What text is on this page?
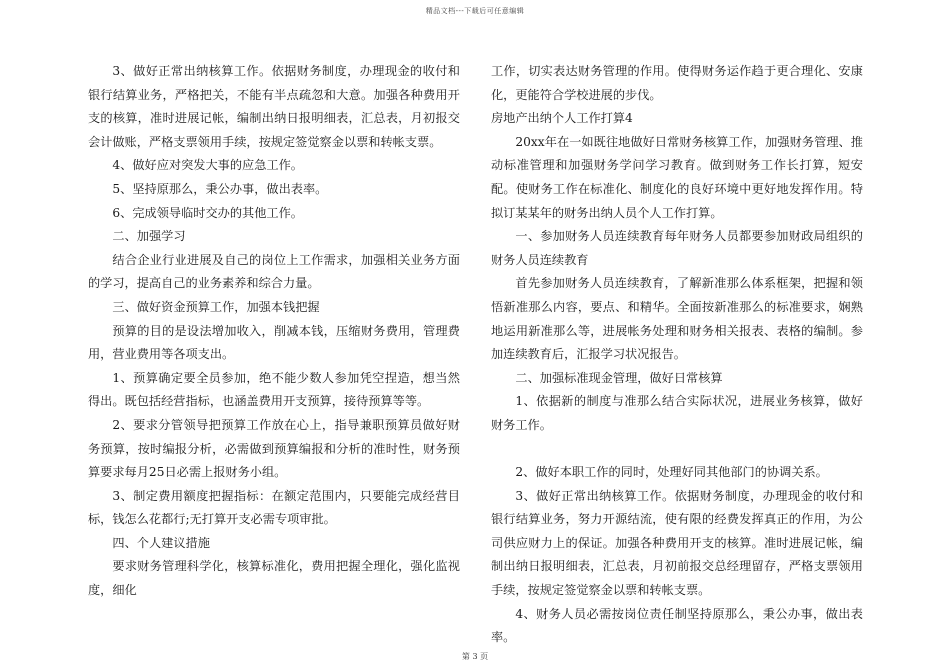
精品文档---下载后可任意编辑

3、做好正常出纳核算工作。依据财务制度，办理现金的收付和银行结算业务，严格把关，不能有半点疏忽和大意。加强各种费用开支的核算，准时进展记帐，编制出纳日报明细表，汇总表，月初报交会计做账，严格支票领用手续，按规定签觉察金以票和转帐支票。

4、做好应对突发大事的应急工作。

5、坚持原那么，秉公办事，做出表率。

6、完成领导临时交办的其他工作。

二、加强学习

结合企业行业进展及自己的岗位上工作需求，加强相关业务方面的学习，提高自己的业务素养和综合力量。

三、做好资金预算工作，加强本钱把握

预算的目的是设法增加收入，削减本钱，压缩财务费用，管理费用，营业费用等各项支出。

1、预算确定要全员参加，绝不能少数人参加凭空捏造，想当然得出。既包括经营指标，也涵盖费用开支预算，接待预算等等。

2、要求分管领导把预算工作放在心上，指导兼职预算员做好财务预算，按时编报分析，必需做到预算编报和分析的准时性，财务预算要求每月25日必需上报财务小组。

3、制定费用额度把握指标：在额定范围内，只要能完成经营目标，钱怎么花都行;无打算开支必需专项审批。

四、个人建议措施

要求财务管理科学化，核算标准化，费用把握全理化，强化监视度，细化

工作，切实表达财务管理的作用。使得财务运作趋于更合理化、安康化，更能符合学校进展的步伐。

房地产出纳个人工作打算4

20xx年在一如既往地做好日常财务核算工作，加强财务管理、推动标准管理和加强财务学问学习教育。做到财务工作长打算，短安配。使财务工作在标准化、制度化的良好环境中更好地发挥作用。特拟订某某年的财务出纳人员个人工作打算。

一、参加财务人员连续教育每年财务人员都要参加财政局组织的财务人员连续教育

首先参加财务人员连续教育，了解新准那么体系框架，把握和领悟新准那么内容，要点、和精华。全面按新准那么的标准要求，娴熟地运用新准那么等，进展帐务处理和财务相关报表、表格的编制。参加连续教育后，汇报学习状况报告。

二、加强标准现金管理，做好日常核算

1、依据新的制度与准那么结合实际状况，进展业务核算，做好财务工作。

2、做好本职工作的同时，处理好同其他部门的协调关系。

3、做好正常出纳核算工作。依据财务制度，办理现金的收付和银行结算业务，努力开源结流，使有限的经费发挥真正的作用，为公司供应财力上的保证。加强各种费用开支的核算。准时进展记帐，编制出纳日报明细表，汇总表，月初前报交总经理留存，严格支票领用手续，按规定签觉察金以票和转帐支票。

4、财务人员必需按岗位责任制坚持原那么，秉公办事，做出表率。

第 3 页
